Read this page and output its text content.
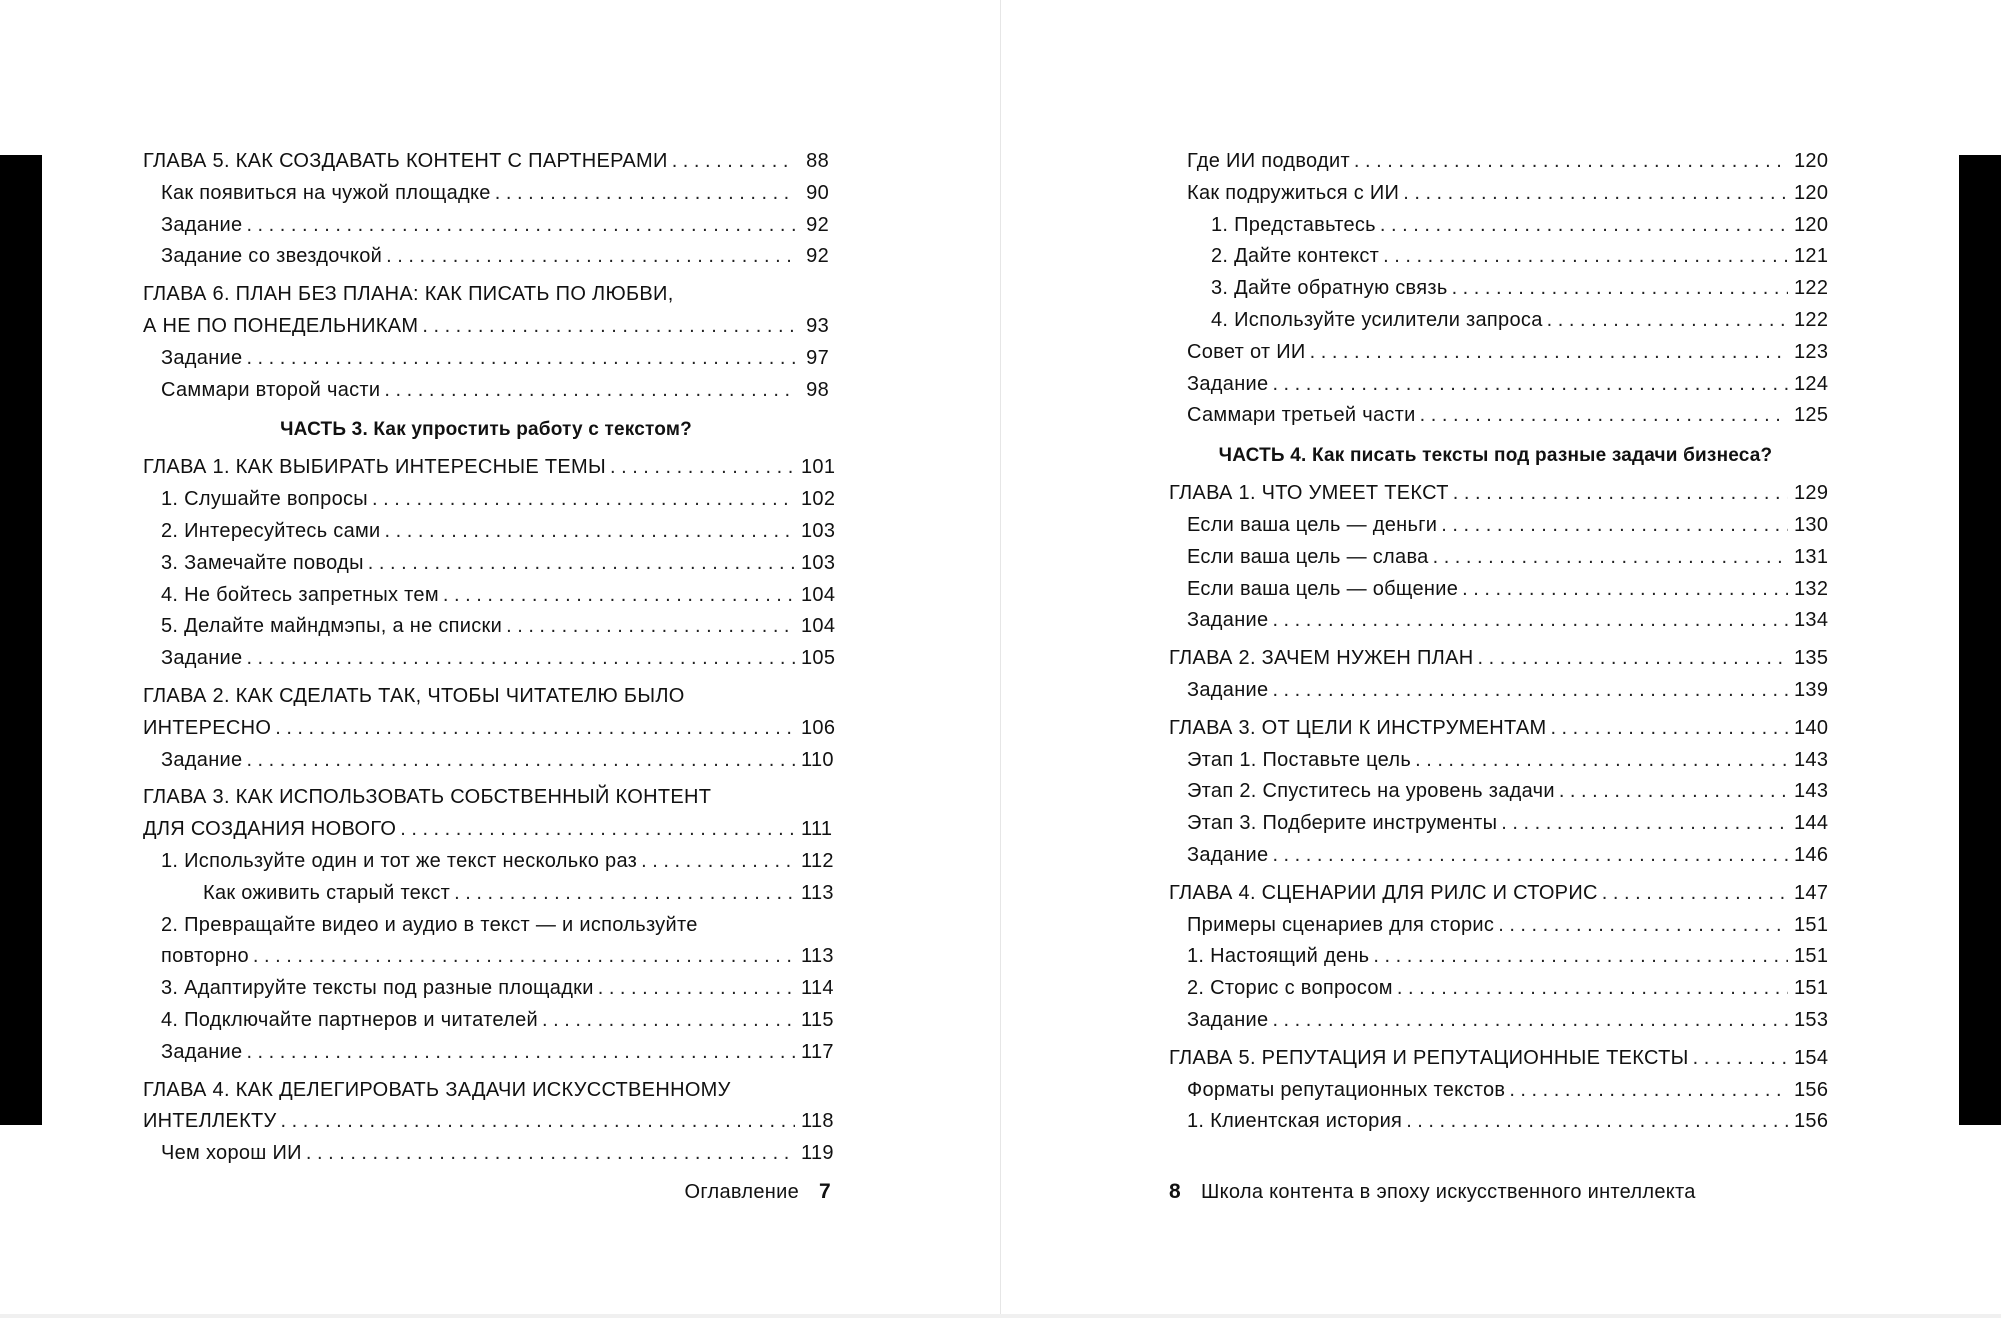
ГЛАВА 5. КАК СОЗДАВАТЬ КОНТЕНТ С ПАРТНЕРАМИ . . .	88
Как появиться на чужой площадке . . .	90
Задание . . .	92
Задание со звездочкой . . .	92
ГЛАВА 6. ПЛАН БЕЗ ПЛАНА: КАК ПИСАТЬ ПО ЛЮБВИ,
А НЕ ПО ПОНЕДЕЛЬНИКАМ . . .	93
Задание . . .	97
Саммари второй части . . .	98
ЧАСТЬ 3. Как упростить работу с текстом?
ГЛАВА 1. КАК ВЫБИРАТЬ ИНТЕРЕСНЫЕ ТЕМЫ . . .	101
1. Слушайте вопросы . . .	102
2. Интересуйтесь сами . . .	103
3. Замечайте поводы . . .	103
4. Не бойтесь запретных тем . . .	104
5. Делайте майндмэпы, а не списки . . .	104
Задание . . .	105
ГЛАВА 2. КАК СДЕЛАТЬ ТАК, ЧТОБЫ ЧИТАТЕЛЮ БЫЛО
ИНТЕРЕСНО . . .	106
Задание . . .	110
ГЛАВА 3. КАК ИСПОЛЬЗОВАТЬ СОБСТВЕННЫЙ КОНТЕНТ
ДЛЯ СОЗДАНИЯ НОВОГО . . .	111
1. Используйте один и тот же текст несколько раз . . .	112
Как оживить старый текст . . .	113
2. Превращайте видео и аудио в текст — и используйте
повторно . . .	113
3. Адаптируйте тексты под разные площадки . . .	114
4. Подключайте партнеров и читателей . . .	115
Задание . . .	117
ГЛАВА 4. КАК ДЕЛЕГИРОВАТЬ ЗАДАЧИ ИСКУССТВЕННОМУ
ИНТЕЛЛЕКТУ . . .	118
Чем хорош ИИ . . .	119
Оглавление 7
Где ИИ подводит . . .	120
Как подружиться с ИИ . . .	120
1. Представьтесь . . .	120
2. Дайте контекст . . .	121
3. Дайте обратную связь . . .	122
4. Используйте усилители запроса . . .	122
Совет от ИИ . . .	123
Задание . . .	124
Саммари третьей части . . .	125
ЧАСТЬ 4. Как писать тексты под разные задачи бизнеса?
ГЛАВА 1. ЧТО УМЕЕТ ТЕКСТ . . .	129
Если ваша цель — деньги . . .	130
Если ваша цель — слава . . .	131
Если ваша цель — общение . . .	132
Задание . . .	134
ГЛАВА 2. ЗАЧЕМ НУЖЕН ПЛАН . . .	135
Задание . . .	139
ГЛАВА 3. ОТ ЦЕЛИ К ИНСТРУМЕНТАМ . . .	140
Этап 1. Поставьте цель . . .	143
Этап 2. Спуститесь на уровень задачи . . .	143
Этап 3. Подберите инструменты . . .	144
Задание . . .	146
ГЛАВА 4. СЦЕНАРИИ ДЛЯ РИЛС И СТОРИС . . .	147
Примеры сценариев для сторис . . .	151
1. Настоящий день . . .	151
2. Сторис с вопросом . . .	151
Задание . . .	153
ГЛАВА 5. РЕПУТАЦИЯ И РЕПУТАЦИОННЫЕ ТЕКСТЫ . . .	154
Форматы репутационных текстов . . .	156
1. Клиентская история . . .	156
8 Школа контента в эпоху искусственного интеллекта
